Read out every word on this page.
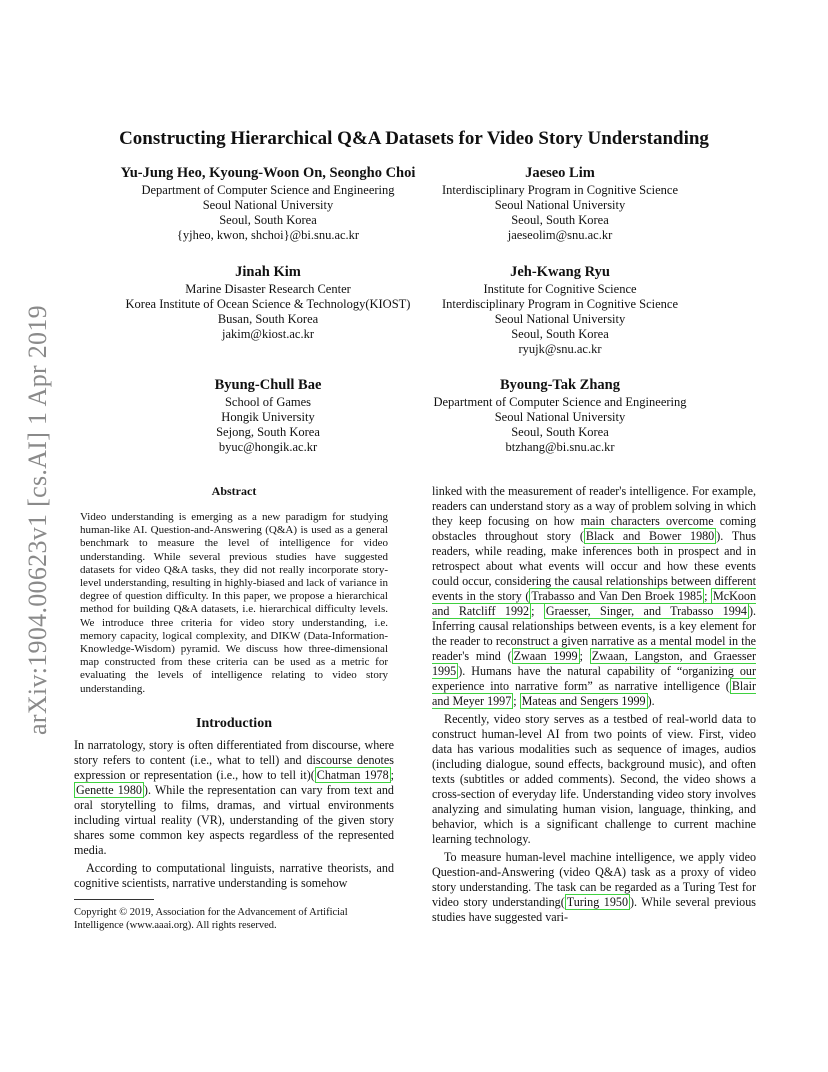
arXiv:1904.00623v1 [cs.AI] 1 Apr 2019
Constructing Hierarchical Q&A Datasets for Video Story Understanding
Yu-Jung Heo, Kyoung-Woon On, Seongho Choi
Department of Computer Science and Engineering
Seoul National University
Seoul, South Korea
{yjheo, kwon, shchoi}@bi.snu.ac.kr
Jaeseo Lim
Interdisciplinary Program in Cognitive Science
Seoul National University
Seoul, South Korea
jaeseolim@snu.ac.kr
Jinah Kim
Marine Disaster Research Center
Korea Institute of Ocean Science & Technology(KIOST)
Busan, South Korea
jakim@kiost.ac.kr
Jeh-Kwang Ryu
Institute for Cognitive Science
Interdisciplinary Program in Cognitive Science
Seoul National University
Seoul, South Korea
ryujk@snu.ac.kr
Byung-Chull Bae
School of Games
Hongik University
Sejong, South Korea
byuc@hongik.ac.kr
Byoung-Tak Zhang
Department of Computer Science and Engineering
Seoul National University
Seoul, South Korea
btzhang@bi.snu.ac.kr
Abstract
Video understanding is emerging as a new paradigm for studying human-like AI. Question-and-Answering (Q&A) is used as a general benchmark to measure the level of intelligence for video understanding. While several previous studies have suggested datasets for video Q&A tasks, they did not really incorporate story-level understanding, resulting in highly-biased and lack of variance in degree of question difficulty. In this paper, we propose a hierarchical method for building Q&A datasets, i.e. hierarchical difficulty levels. We introduce three criteria for video story understanding, i.e. memory capacity, logical complexity, and DIKW (Data-Information-Knowledge-Wisdom) pyramid. We discuss how three-dimensional map constructed from these criteria can be used as a metric for evaluating the levels of intelligence relating to video story understanding.
Introduction

In narratology, story is often differentiated from discourse, where story refers to content (i.e., what to tell) and discourse denotes expression or representation (i.e., how to tell it)( Chatman 1978 ; Genette 1980 ). While the representation can vary from text and oral storytelling to films, dramas, and virtual environments including virtual reality (VR), understanding of the given story shares some common key aspects regardless of the represented media.

According to computational linguists, narrative theorists, and cognitive scientists, narrative understanding is somehow

Copyright © 2019, Association for the Advancement of Artificial Intelligence (www.aaai.org). All rights reserved.

linked with the measurement of reader's intelligence. For example, readers can understand story as a way of problem solving in which they keep focusing on how main characters overcome coming obstacles throughout story ( Black and Bower 1980 ). Thus readers, while reading, make inferences both in prospect and in retrospect about what events will occur and how these events could occur, considering the causal relationships between different events in the story ( Trabasso and Van Den Broek 1985 ; McKoon and Ratcliff 1992 ; Graesser, Singer, and Trabasso 1994 ). Inferring causal relationships between events, is a key element for the reader to reconstruct a given narrative as a mental model in the reader's mind ( Zwaan 1999 ; Zwaan, Langston, and Graesser 1995 ). Humans have the natural capability of “organizing our experience into narrative form” as narrative intelligence ( Blair and Meyer 1997 ; Mateas and Sengers 1999 ).

Recently, video story serves as a testbed of real-world data to construct human-level AI from two points of view. First, video data has various modalities such as sequence of images, audios (including dialogue, sound effects, background music), and often texts (subtitles or added comments). Second, the video shows a cross-section of everyday life. Understanding video story involves analyzing and simulating human vision, language, thinking, and behavior, which is a significant challenge to current machine learning technology.

To measure human-level machine intelligence, we apply video Question-and-Answering (video Q&A) task as a proxy of video story understanding. The task can be regarded as a Turing Test for video story understanding( Turing 1950 ). While several previous studies have suggested vari-
